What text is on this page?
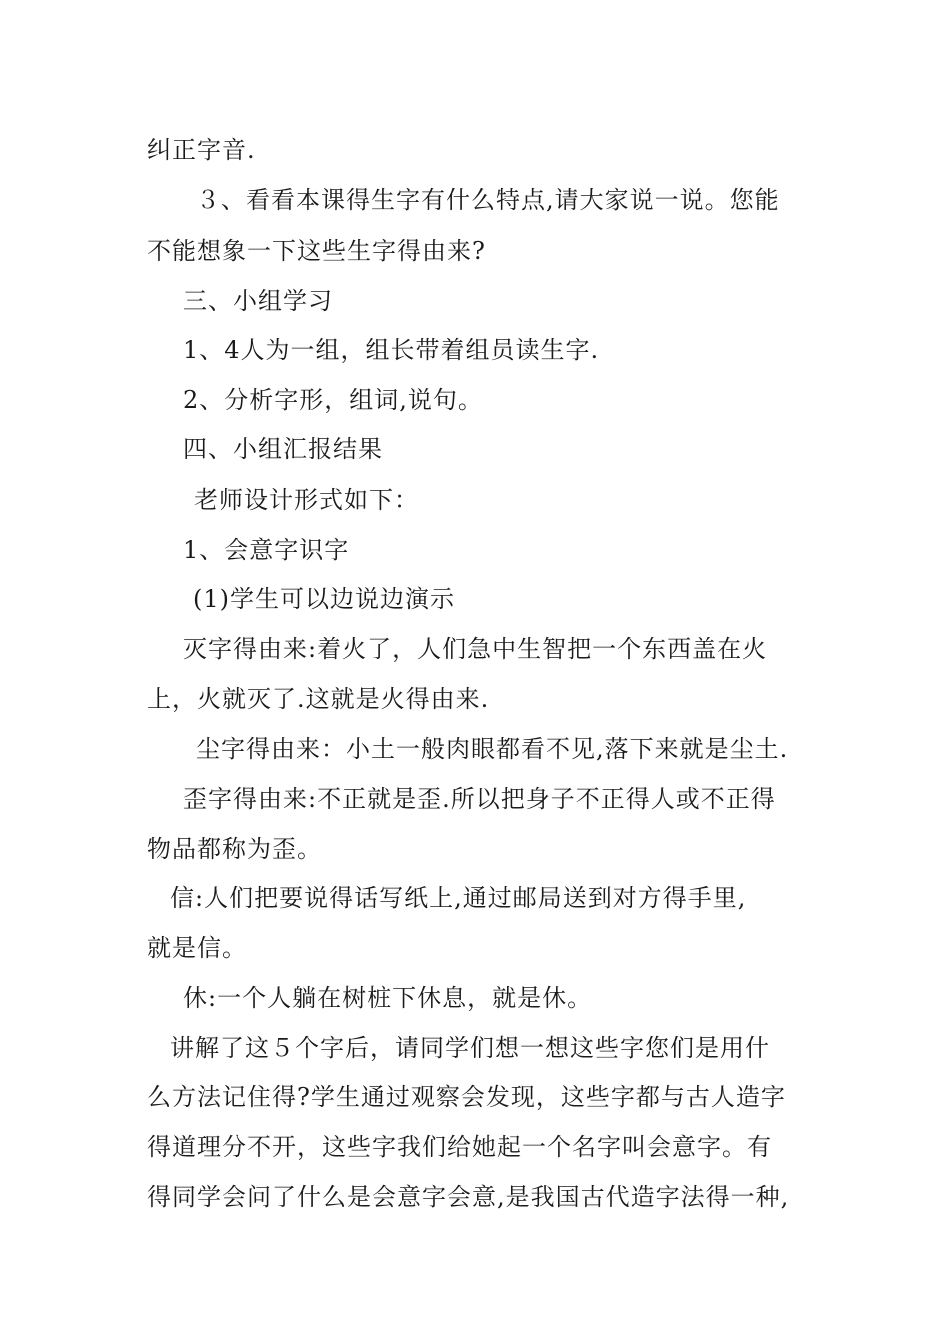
纠正字音.
３、看看本课得生字有什么特点,请大家说一说。您能
不能想象一下这些生字得由来?
三、小组学习
1、4人为一组，组长带着组员读生字.
2、分析字形，组词,说句。
四、小组汇报结果
老师设计形式如下：
1、会意字识字
(1)学生可以边说边演示
灭字得由来:着火了，人们急中生智把一个东西盖在火
上，火就灭了.这就是火得由来.
尘字得由来：小土一般肉眼都看不见,落下来就是尘土.
歪字得由来:不正就是歪.所以把身子不正得人或不正得
物品都称为歪。
信:人们把要说得话写纸上,通过邮局送到对方得手里,
就是信。
休:一个人躺在树桩下休息，就是休。
讲解了这５个字后，请同学们想一想这些字您们是用什
么方法记住得?学生通过观察会发现，这些字都与古人造字
得道理分不开，这些字我们给她起一个名字叫会意字。有
得同学会问了什么是会意字会意,是我国古代造字法得一种,
